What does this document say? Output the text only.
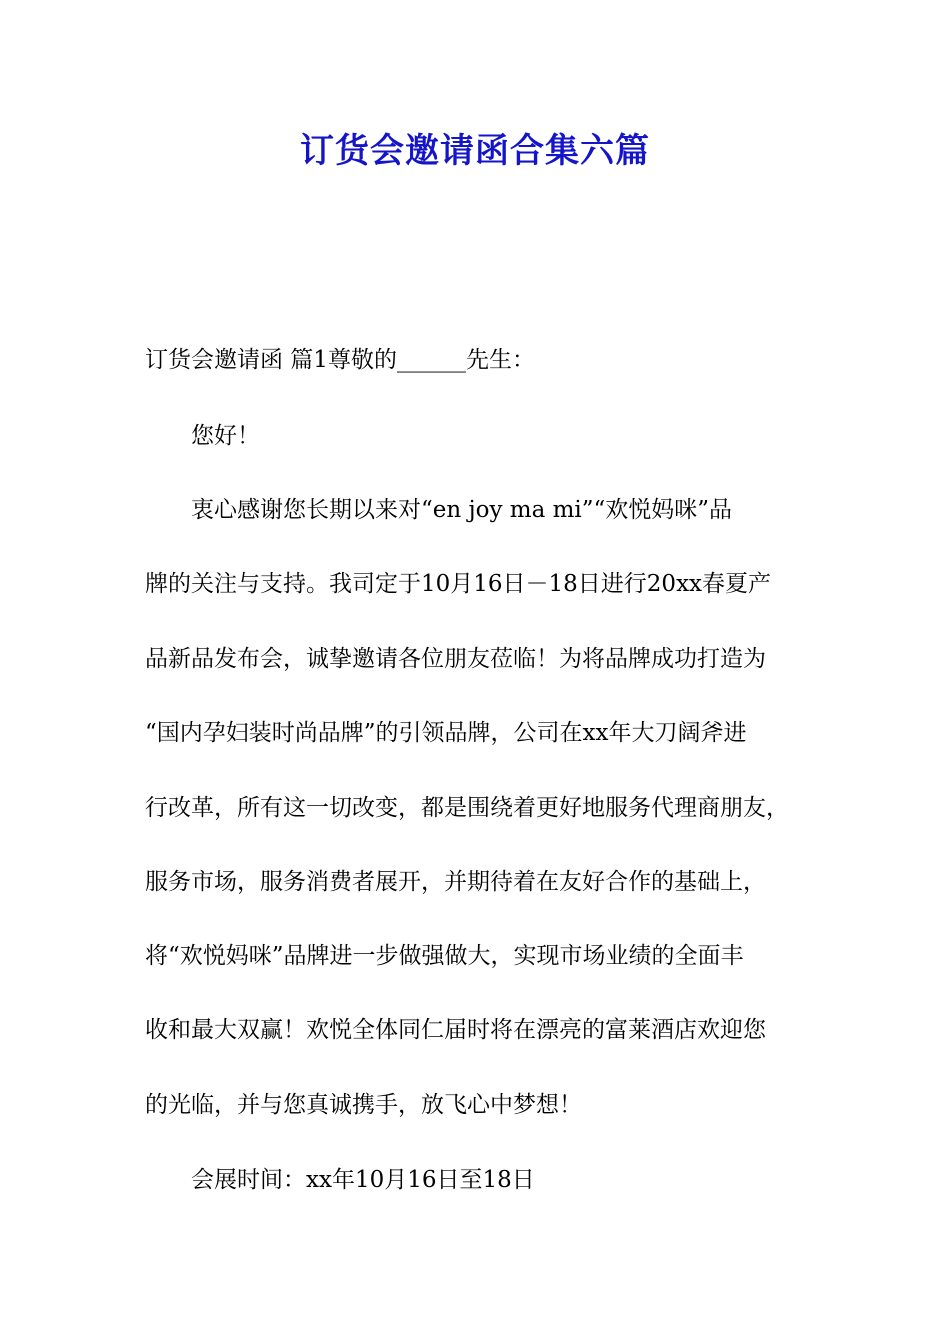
订货会邀请函合集六篇
订货会邀请函 篇1尊敬的______先生：
您好！
衷心感谢您长期以来对“en joy ma mi”“欢悦妈咪”品
牌的关注与支持。我司定于10月16日－18日进行20xx春夏产
品新品发布会，诚挚邀请各位朋友莅临！为将品牌成功打造为
“国内孕妇装时尚品牌”的引领品牌，公司在xx年大刀阔斧进
行改革，所有这一切改变，都是围绕着更好地服务代理商朋友，
服务市场，服务消费者展开，并期待着在友好合作的基础上，
将“欢悦妈咪”品牌进一步做强做大，实现市场业绩的全面丰
收和最大双赢！欢悦全体同仁届时将在漂亮的富莱酒店欢迎您
的光临，并与您真诚携手，放飞心中梦想！
会展时间：xx年10月16日至18日
